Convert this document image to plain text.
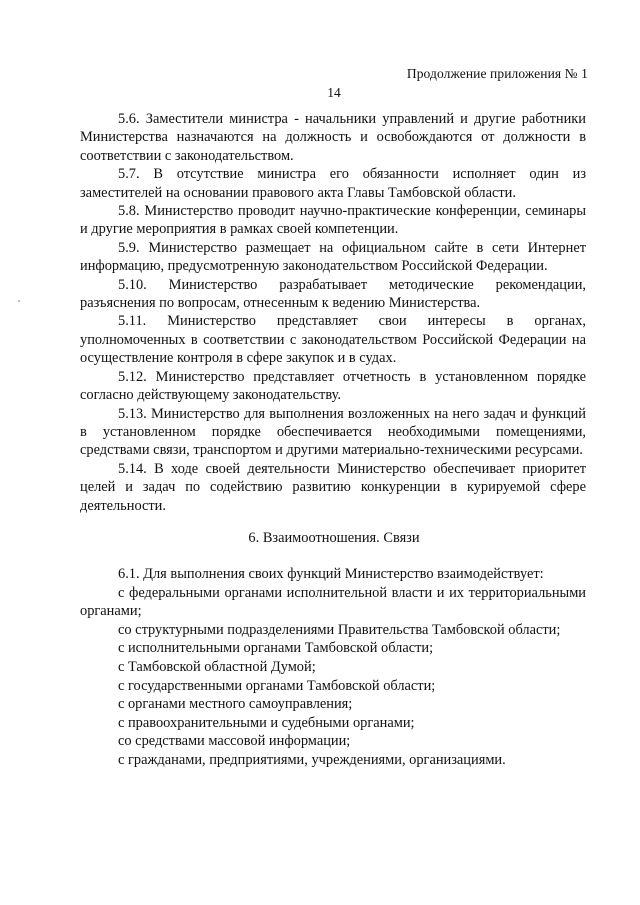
Продолжение приложения № 1
14

5.6. Заместители министра - начальники управлений и другие работники Министерства назначаются на должность и освобождаются от должности в соответствии с законодательством.

5.7. В отсутствие министра его обязанности исполняет один из заместителей на основании правового акта Главы Тамбовской области.

5.8. Министерство проводит научно-практические конференции, семинары и другие мероприятия в рамках своей компетенции.

5.9. Министерство размещает на официальном сайте в сети Интернет информацию, предусмотренную законодательством Российской Федерации.

5.10. Министерство разрабатывает методические рекомендации, разъяснения по вопросам, отнесенным к ведению Министерства.

5.11. Министерство представляет свои интересы в органах, уполномоченных в соответствии с законодательством Российской Федерации на осуществление контроля в сфере закупок и в судах.

5.12. Министерство представляет отчетность в установленном порядке согласно действующему законодательству.

5.13. Министерство для выполнения возложенных на него задач и функций в установленном порядке обеспечивается необходимыми помещениями, средствами связи, транспортом и другими материально-техническими ресурсами.

5.14. В ходе своей деятельности Министерство обеспечивает приоритет целей и задач по содействию развитию конкуренции в курируемой сфере деятельности.

6. Взаимоотношения. Связи

6.1. Для выполнения своих функций Министерство взаимодействует:

с федеральными органами исполнительной власти и их территориальными органами;

со структурными подразделениями Правительства Тамбовской области;

с исполнительными органами Тамбовской области;

с Тамбовской областной Думой;

с государственными органами Тамбовской области;

с органами местного самоуправления;

с правоохранительными и судебными органами;

со средствами массовой информации;

с гражданами, предприятиями, учреждениями, организациями.
